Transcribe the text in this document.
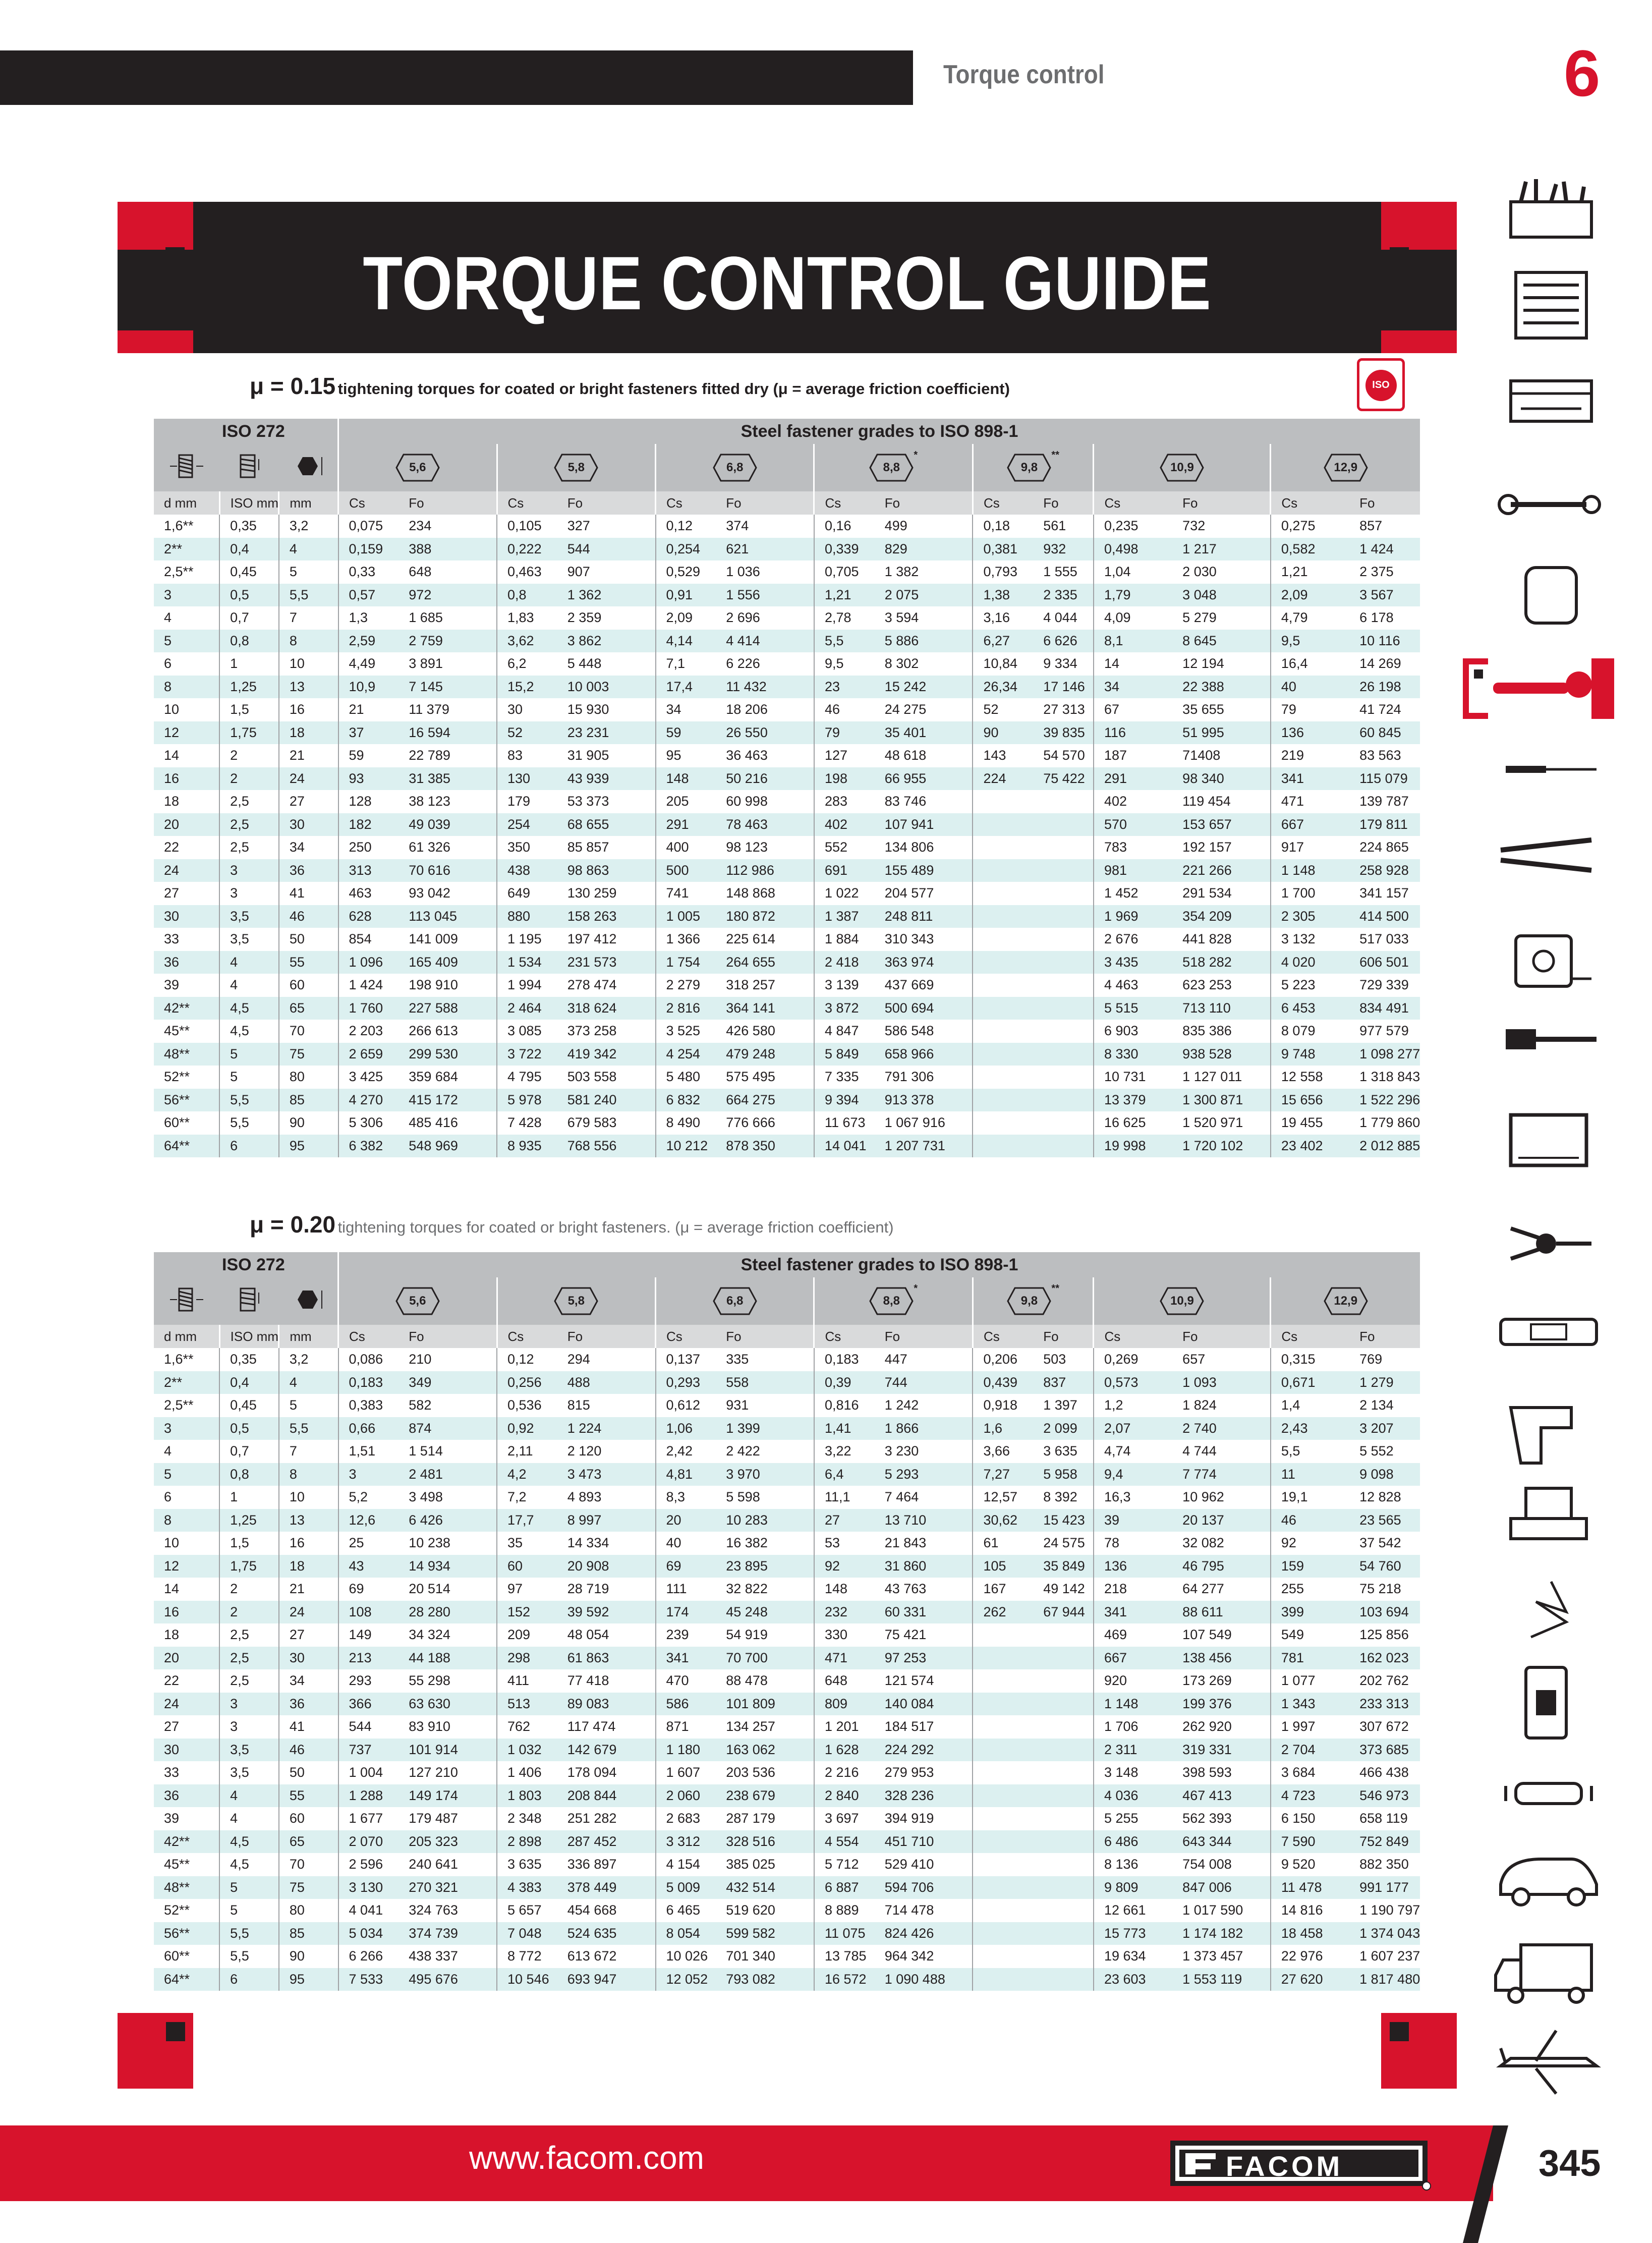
Torque control	6
TORQUE CONTROL GUIDE
μ = 0.15 tightening torques for coated or bright fasteners fitted dry (μ = average friction coefficient)	ISO
ISO 272			Steel fastener grades to ISO 898-1													

5,6		5,8		6,8		8,8
*		9,8
**		10,9		12,9	

d mm	ISO mm	mm	Cs	Fo	Cs	Fo	Cs	Fo	Cs	Fo	Cs	Fo	Cs	Fo	Cs	Fo
1,6**	0,35	3,2	0,075	234	0,105	327	0,12	374	0,16	499	0,18	561	0,235	732	0,275	857
2**	0,4	4	0,159	388	0,222	544	0,254	621	0,339	829	0,381	932	0,498	1 217	0,582	1 424
2,5**	0,45	5	0,33	648	0,463	907	0,529	1 036	0,705	1 382	0,793	1 555	1,04	2 030	1,21	2 375
3	0,5	5,5	0,57	972	0,8	1 362	0,91	1 556	1,21	2 075	1,38	2 335	1,79	3 048	2,09	3 567
4	0,7	7	1,3	1 685	1,83	2 359	2,09	2 696	2,78	3 594	3,16	4 044	4,09	5 279	4,79	6 178
5	0,8	8	2,59	2 759	3,62	3 862	4,14	4 414	5,5	5 886	6,27	6 626	8,1	8 645	9,5	10 116
6	1	10	4,49	3 891	6,2	5 448	7,1	6 226	9,5	8 302	10,84	9 334	14	12 194	16,4	14 269
8	1,25	13	10,9	7 145	15,2	10 003	17,4	11 432	23	15 242	26,34	17 146	34	22 388	40	26 198
10	1,5	16	21	11 379	30	15 930	34	18 206	46	24 275	52	27 313	67	35 655	79	41 724
12	1,75	18	37	16 594	52	23 231	59	26 550	79	35 401	90	39 835	116	51 995	136	60 845
14	2	21	59	22 789	83	31 905	95	36 463	127	48 618	143	54 570	187	71408	219	83 563
16	2	24	93	31 385	130	43 939	148	50 216	198	66 955	224	75 422	291	98 340	341	115 079
18	2,5	27	128	38 123	179	53 373	205	60 998	283	83 746			402	119 454	471	139 787
20	2,5	30	182	49 039	254	68 655	291	78 463	402	107 941			570	153 657	667	179 811
22	2,5	34	250	61 326	350	85 857	400	98 123	552	134 806			783	192 157	917	224 865
24	3	36	313	70 616	438	98 863	500	112 986	691	155 489			981	221 266	1 148	258 928
27	3	41	463	93 042	649	130 259	741	148 868	1 022	204 577			1 452	291 534	1 700	341 157
30	3,5	46	628	113 045	880	158 263	1 005	180 872	1 387	248 811			1 969	354 209	2 305	414 500
33	3,5	50	854	141 009	1 195	197 412	1 366	225 614	1 884	310 343			2 676	441 828	3 132	517 033
36	4	55	1 096	165 409	1 534	231 573	1 754	264 655	2 418	363 974			3 435	518 282	4 020	606 501
39	4	60	1 424	198 910	1 994	278 474	2 279	318 257	3 139	437 669			4 463	623 253	5 223	729 339
42**	4,5	65	1 760	227 588	2 464	318 624	2 816	364 141	3 872	500 694			5 515	713 110	6 453	834 491
45**	4,5	70	2 203	266 613	3 085	373 258	3 525	426 580	4 847	586 548			6 903	835 386	8 079	977 579
48**	5	75	2 659	299 530	3 722	419 342	4 254	479 248	5 849	658 966			8 330	938 528	9 748	1 098 277
52**	5	80	3 425	359 684	4 795	503 558	5 480	575 495	7 335	791 306			10 731	1 127 011	12 558	1 318 843
56**	5,5	85	4 270	415 172	5 978	581 240	6 832	664 275	9 394	913 378			13 379	1 300 871	15 656	1 522 296
60**	5,5	90	5 306	485 416	7 428	679 583	8 490	776 666	11 673	1 067 916			16 625	1 520 971	19 455	1 779 860
64**	6	95	6 382	548 969	8 935	768 556	10 212	878 350	14 041	1 207 731			19 998	1 720 102	23 402	2 012 885
μ = 0.20 tightening torques for coated or bright fasteners. (μ = average friction coefficient)
ISO 272			Steel fastener grades to ISO 898-1													

5,6		5,8		6,8		8,8
*		9,8
**		10,9		12,9	

d mm	ISO mm	mm	Cs	Fo	Cs	Fo	Cs	Fo	Cs	Fo	Cs	Fo	Cs	Fo	Cs	Fo
1,6**	0,35	3,2	0,086	210	0,12	294	0,137	335	0,183	447	0,206	503	0,269	657	0,315	769
2**	0,4	4	0,183	349	0,256	488	0,293	558	0,39	744	0,439	837	0,573	1 093	0,671	1 279
2,5**	0,45	5	0,383	582	0,536	815	0,612	931	0,816	1 242	0,918	1 397	1,2	1 824	1,4	2 134
3	0,5	5,5	0,66	874	0,92	1 224	1,06	1 399	1,41	1 866	1,6	2 099	2,07	2 740	2,43	3 207
4	0,7	7	1,51	1 514	2,11	2 120	2,42	2 422	3,22	3 230	3,66	3 635	4,74	4 744	5,5	5 552
5	0,8	8	3	2 481	4,2	3 473	4,81	3 970	6,4	5 293	7,27	5 958	9,4	7 774	11	9 098
6	1	10	5,2	3 498	7,2	4 893	8,3	5 598	11,1	7 464	12,57	8 392	16,3	10 962	19,1	12 828
8	1,25	13	12,6	6 426	17,7	8 997	20	10 283	27	13 710	30,62	15 423	39	20 137	46	23 565
10	1,5	16	25	10 238	35	14 334	40	16 382	53	21 843	61	24 575	78	32 082	92	37 542
12	1,75	18	43	14 934	60	20 908	69	23 895	92	31 860	105	35 849	136	46 795	159	54 760
14	2	21	69	20 514	97	28 719	111	32 822	148	43 763	167	49 142	218	64 277	255	75 218
16	2	24	108	28 280	152	39 592	174	45 248	232	60 331	262	67 944	341	88 611	399	103 694
18	2,5	27	149	34 324	209	48 054	239	54 919	330	75 421			469	107 549	549	125 856
20	2,5	30	213	44 188	298	61 863	341	70 700	471	97 253			667	138 456	781	162 023
22	2,5	34	293	55 298	411	77 418	470	88 478	648	121 574			920	173 269	1 077	202 762
24	3	36	366	63 630	513	89 083	586	101 809	809	140 084			1 148	199 376	1 343	233 313
27	3	41	544	83 910	762	117 474	871	134 257	1 201	184 517			1 706	262 920	1 997	307 672
30	3,5	46	737	101 914	1 032	142 679	1 180	163 062	1 628	224 292			2 311	319 331	2 704	373 685
33	3,5	50	1 004	127 210	1 406	178 094	1 607	203 536	2 216	279 953			3 148	398 593	3 684	466 438
36	4	55	1 288	149 174	1 803	208 844	2 060	238 679	2 840	328 236			4 036	467 413	4 723	546 973
39	4	60	1 677	179 487	2 348	251 282	2 683	287 179	3 697	394 919			5 255	562 393	6 150	658 119
42**	4,5	65	2 070	205 323	2 898	287 452	3 312	328 516	4 554	451 710			6 486	643 344	7 590	752 849
45**	4,5	70	2 596	240 641	3 635	336 897	4 154	385 025	5 712	529 410			8 136	754 008	9 520	882 350
48**	5	75	3 130	270 321	4 383	378 449	5 009	432 514	6 887	594 706			9 809	847 006	11 478	991 177
52**	5	80	4 041	324 763	5 657	454 668	6 465	519 620	8 889	714 478			12 661	1 017 590	14 816	1 190 797
56**	5,5	85	5 034	374 739	7 048	524 635	8 054	599 582	11 075	824 426			15 773	1 174 182	18 458	1 374 043
60**	5,5	90	6 266	438 337	8 772	613 672	10 026	701 340	13 785	964 342			19 634	1 373 457	22 976	1 607 237
64**	6	95	7 533	495 676	10 546	693 947	12 052	793 082	16 572	1 090 488			23 603	1 553 119	27 620	1 817 480
www.facom.com	FACOM	345
